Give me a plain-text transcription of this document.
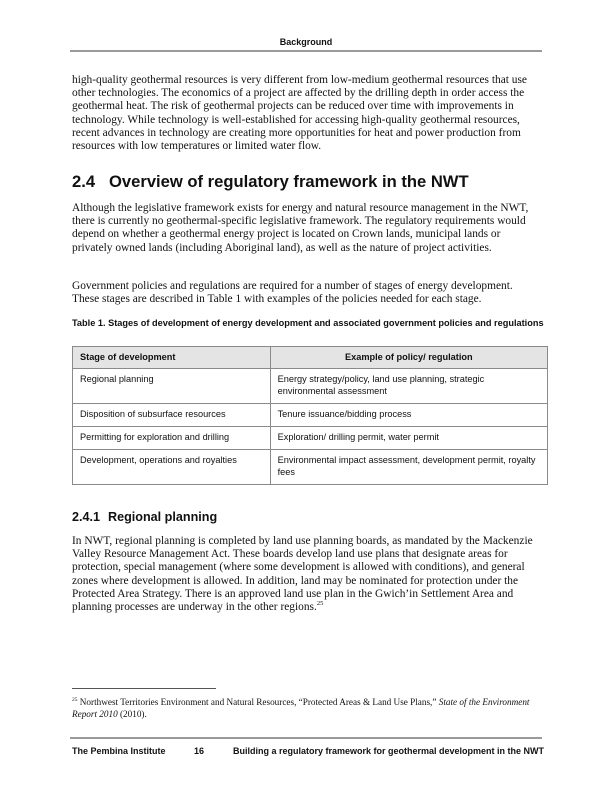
Background

high-quality geothermal resources is very different from low-medium geothermal resources that use other technologies. The economics of a project are affected by the drilling depth in order access the geothermal heat. The risk of geothermal projects can be reduced over time with improvements in technology. While technology is well-established for accessing high-quality geothermal resources, recent advances in technology are creating more opportunities for heat and power production from resources with low temperatures or limited water flow.

2.4 Overview of regulatory framework in the NWT

Although the legislative framework exists for energy and natural resource management in the NWT, there is currently no geothermal-specific legislative framework. The regulatory requirements would depend on whether a geothermal energy project is located on Crown lands, municipal lands or privately owned lands (including Aboriginal land), as well as the nature of project activities.

Government policies and regulations are required for a number of stages of energy development. These stages are described in Table 1 with examples of the policies needed for each stage.

Table 1. Stages of development of energy development and associated government policies and regulations

Stage of development	Example of policy/ regulation
Regional planning	Energy strategy/policy, land use planning, strategic environmental assessment
Disposition of subsurface resources	Tenure issuance/bidding process
Permitting for exploration and drilling	Exploration/ drilling permit, water permit
Development, operations and royalties	Environmental impact assessment, development permit, royalty fees
2.4.1 Regional planning

In NWT, regional planning is completed by land use planning boards, as mandated by the Mackenzie Valley Resource Management Act. These boards develop land use plans that designate areas for protection, special management (where some development is allowed with conditions), and general zones where development is allowed. In addition, land may be nominated for protection under the Protected Area Strategy. There is an approved land use plan in the Gwich’in Settlement Area and planning processes are underway in the other regions.$^{25}$

$^{25}$ Northwest Territories Environment and Natural Resources, “Protected Areas & Land Use Plans,” State of the Environment Report 2010 (2010).

The Pembina Institute	16	Building a regulatory framework for geothermal development in the NWT
